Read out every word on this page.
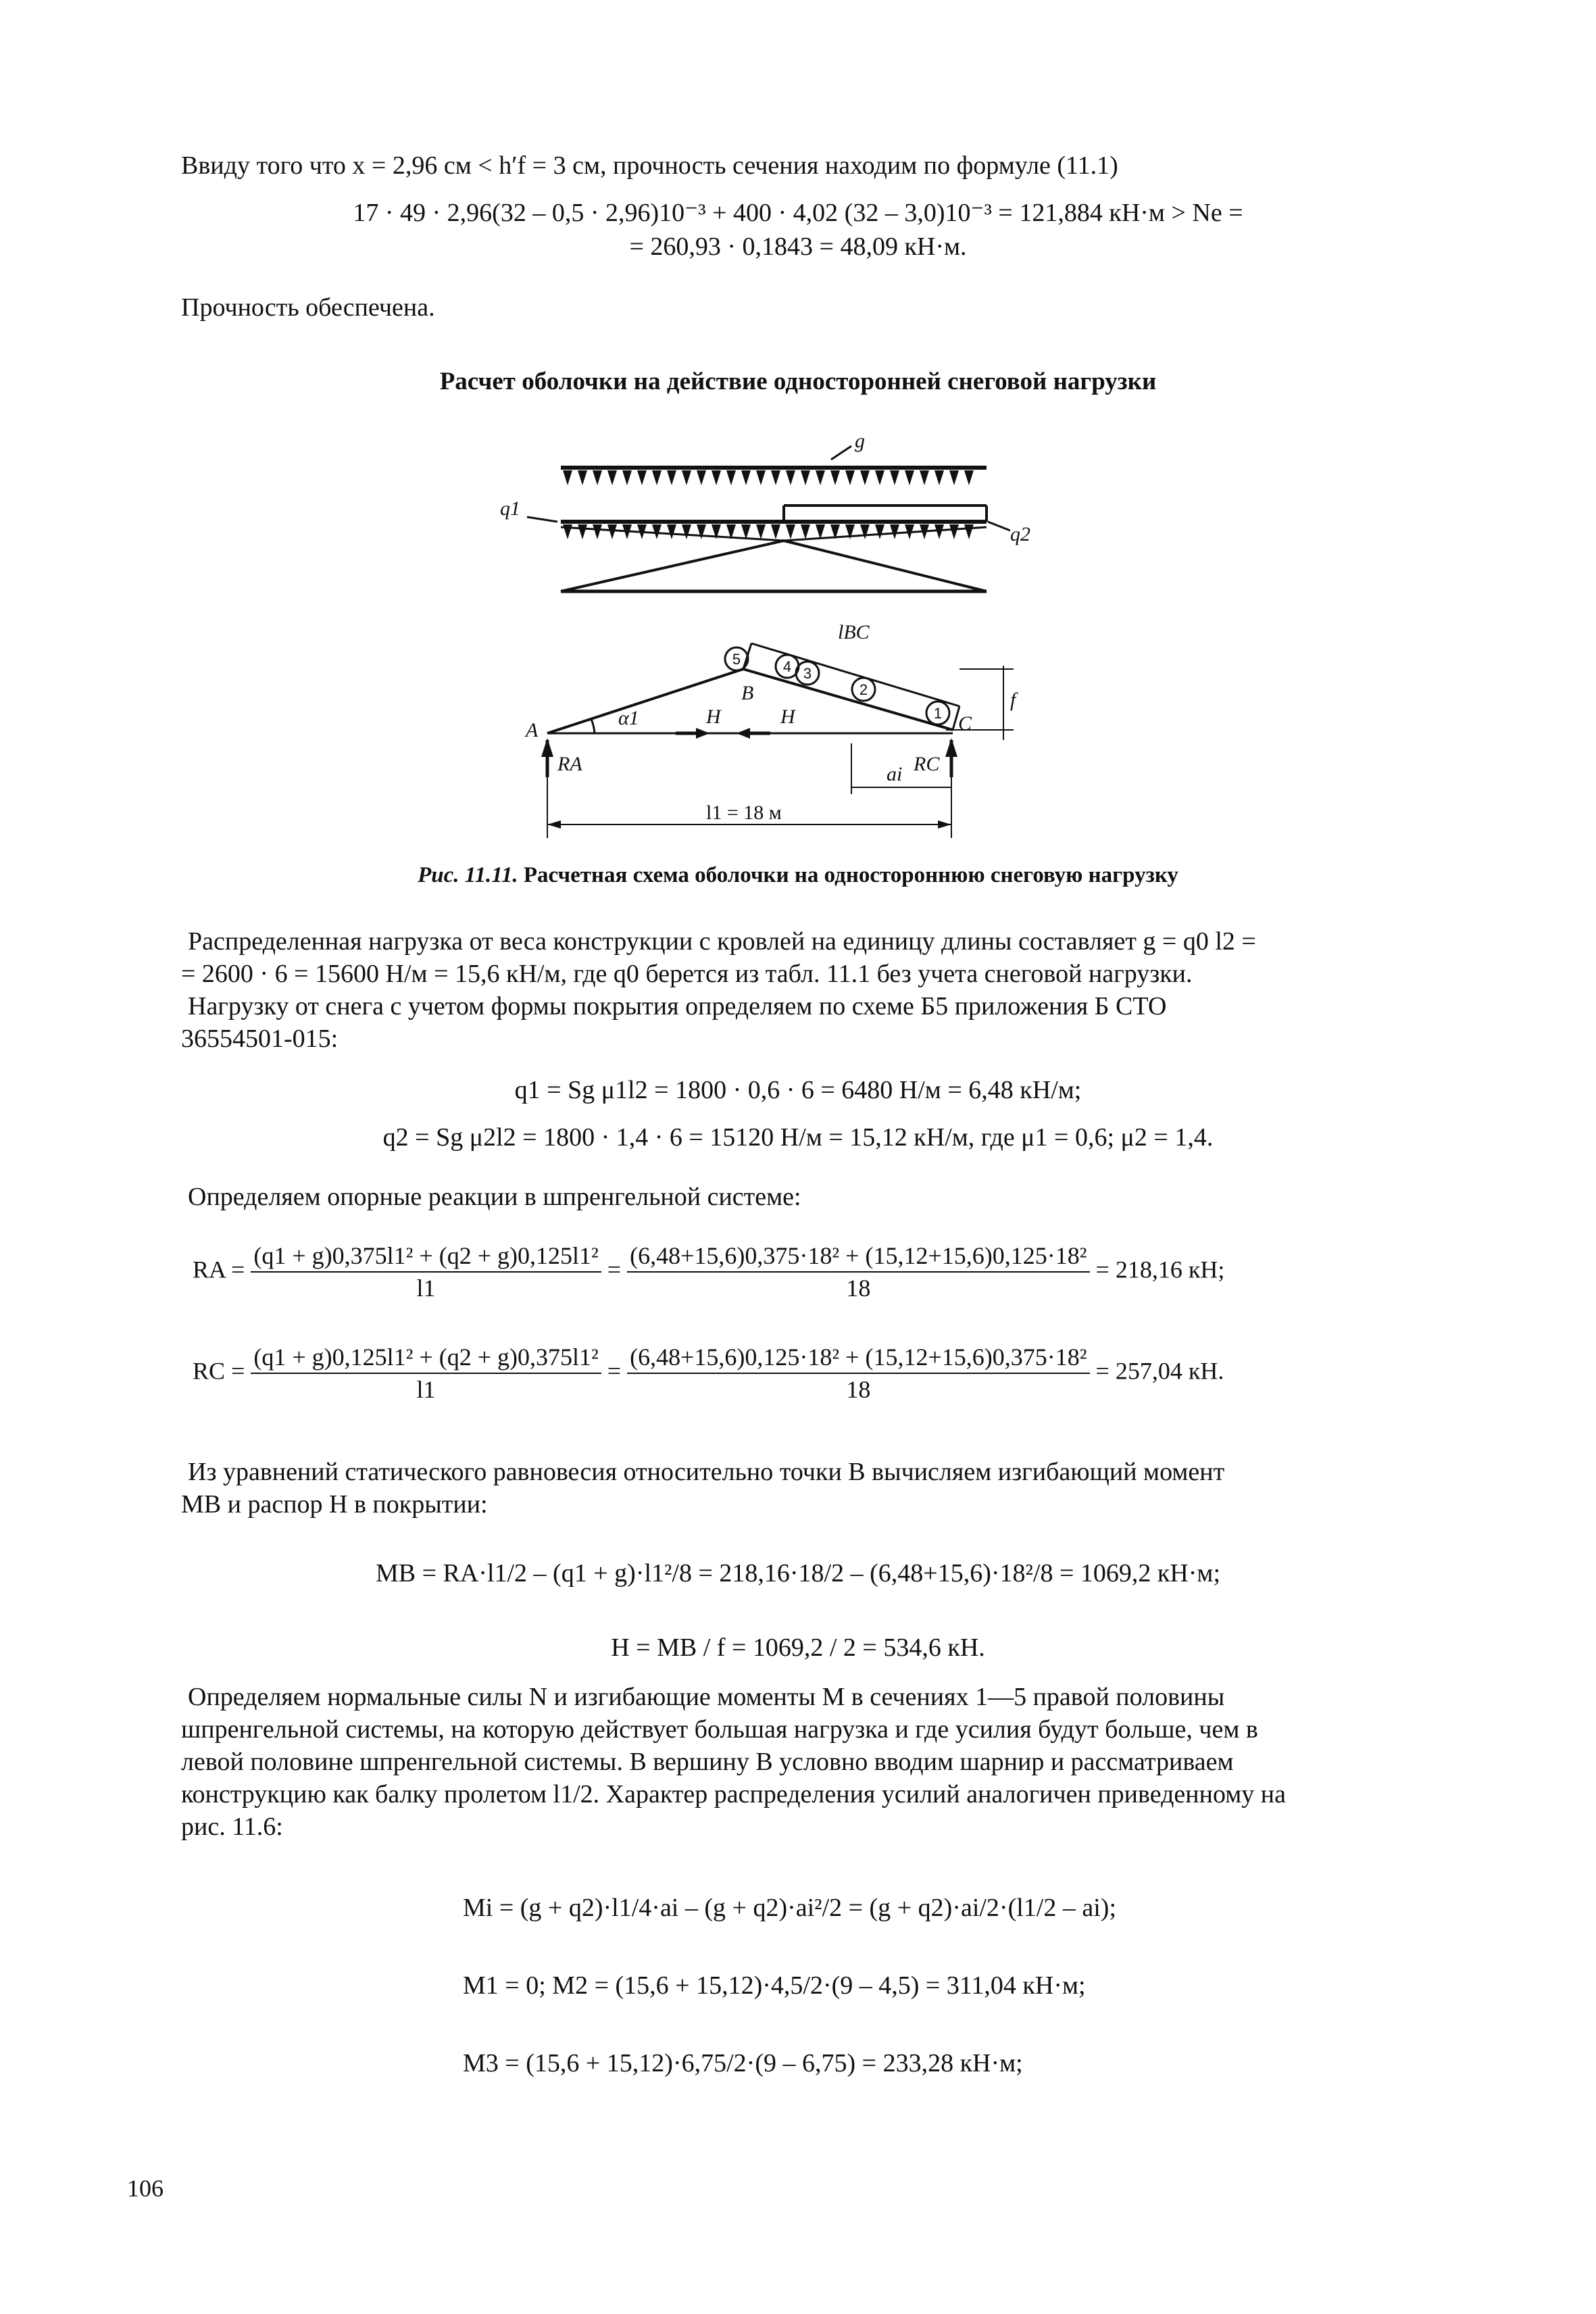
Ввиду того что x = 2,96 см < h′f = 3 см, прочность сечения находим по формуле (11.1)
17 · 49 · 2,96(32 – 0,5 · 2,96)10⁻³ + 400 · 4,02 (32 – 3,0)10⁻³ = 121,884 кН·м > Ne =
= 260,93 · 0,1843 = 48,09 кН·м.
Прочность обеспечена.
Расчет оболочки на действие односторонней снеговой нагрузки
g
q1
q2
A
B
C
α1	H	H
RA	RC
ai
lBC
f
l1 = 18 м
1
2
3
4
5
Рис. 11.11. Расчетная схема оболочки на одностороннюю снеговую нагрузку
Распределенная нагрузка от веса конструкции с кровлей на единицу длины составляет g = q0 l2 =
= 2600 · 6 = 15600 Н/м = 15,6 кН/м, где q0 берется из табл. 11.1 без учета снеговой нагрузки.
Нагрузку от снега с учетом формы покрытия определяем по схеме Б5 приложения Б СТО
36554501-015:
q1 = Sg μ1l2 = 1800 · 0,6 · 6 = 6480 Н/м = 6,48 кН/м;
q2 = Sg μ2l2 = 1800 · 1,4 · 6 = 15120 Н/м = 15,12 кН/м, где μ1 = 0,6; μ2 = 1,4.
Определяем опорные реакции в шпренгельной системе:
RA = $\frac{\text{(q1 + g)0,375l1² + (q2 + g)0,125l1²}}{l1} = \frac{\text{(6,48+15,6)0,375·18² + (15,12+15,6)0,125·18²}}{18} = 218,16$ кН;
RC = $\frac{\text{(q1 + g)0,125l1² + (q2 + g)0,375l1²}}{l1} = \frac{\text{(6,48+15,6)0,125·18² + (15,12+15,6)0,375·18²}}{18} = 257,04$ кН.
Из уравнений статического равновесия относительно точки B вычисляем изгибающий момент
MB и распор H в покрытии:
MB = RA·l1/2 – (q1 + g)·l1²/8 = 218,16·18/2 – (6,48+15,6)·18²/8 = 1069,2 кН·м;
H = MB / f = 1069,2 / 2 = 534,6 кН.
Определяем нормальные силы N и изгибающие моменты M в сечениях 1—5 правой половины
шпренгельной системы, на которую действует большая нагрузка и где усилия будут больше, чем в
левой половине шпренгельной системы. В вершину B условно вводим шарнир и рассматриваем
конструкцию как балку пролетом l1/2. Характер распределения усилий аналогичен приведенному на
рис. 11.6:
Mi = (g + q2)·l1/4·ai – (g + q2)·ai²/2 = (g + q2)·ai/2·(l1/2 – ai);
M1 = 0; M2 = (15,6 + 15,12)·4,5/2·(9 – 4,5) = 311,04 кН·м;
M3 = (15,6 + 15,12)·6,75/2·(9 – 6,75) = 233,28 кН·м;
106
